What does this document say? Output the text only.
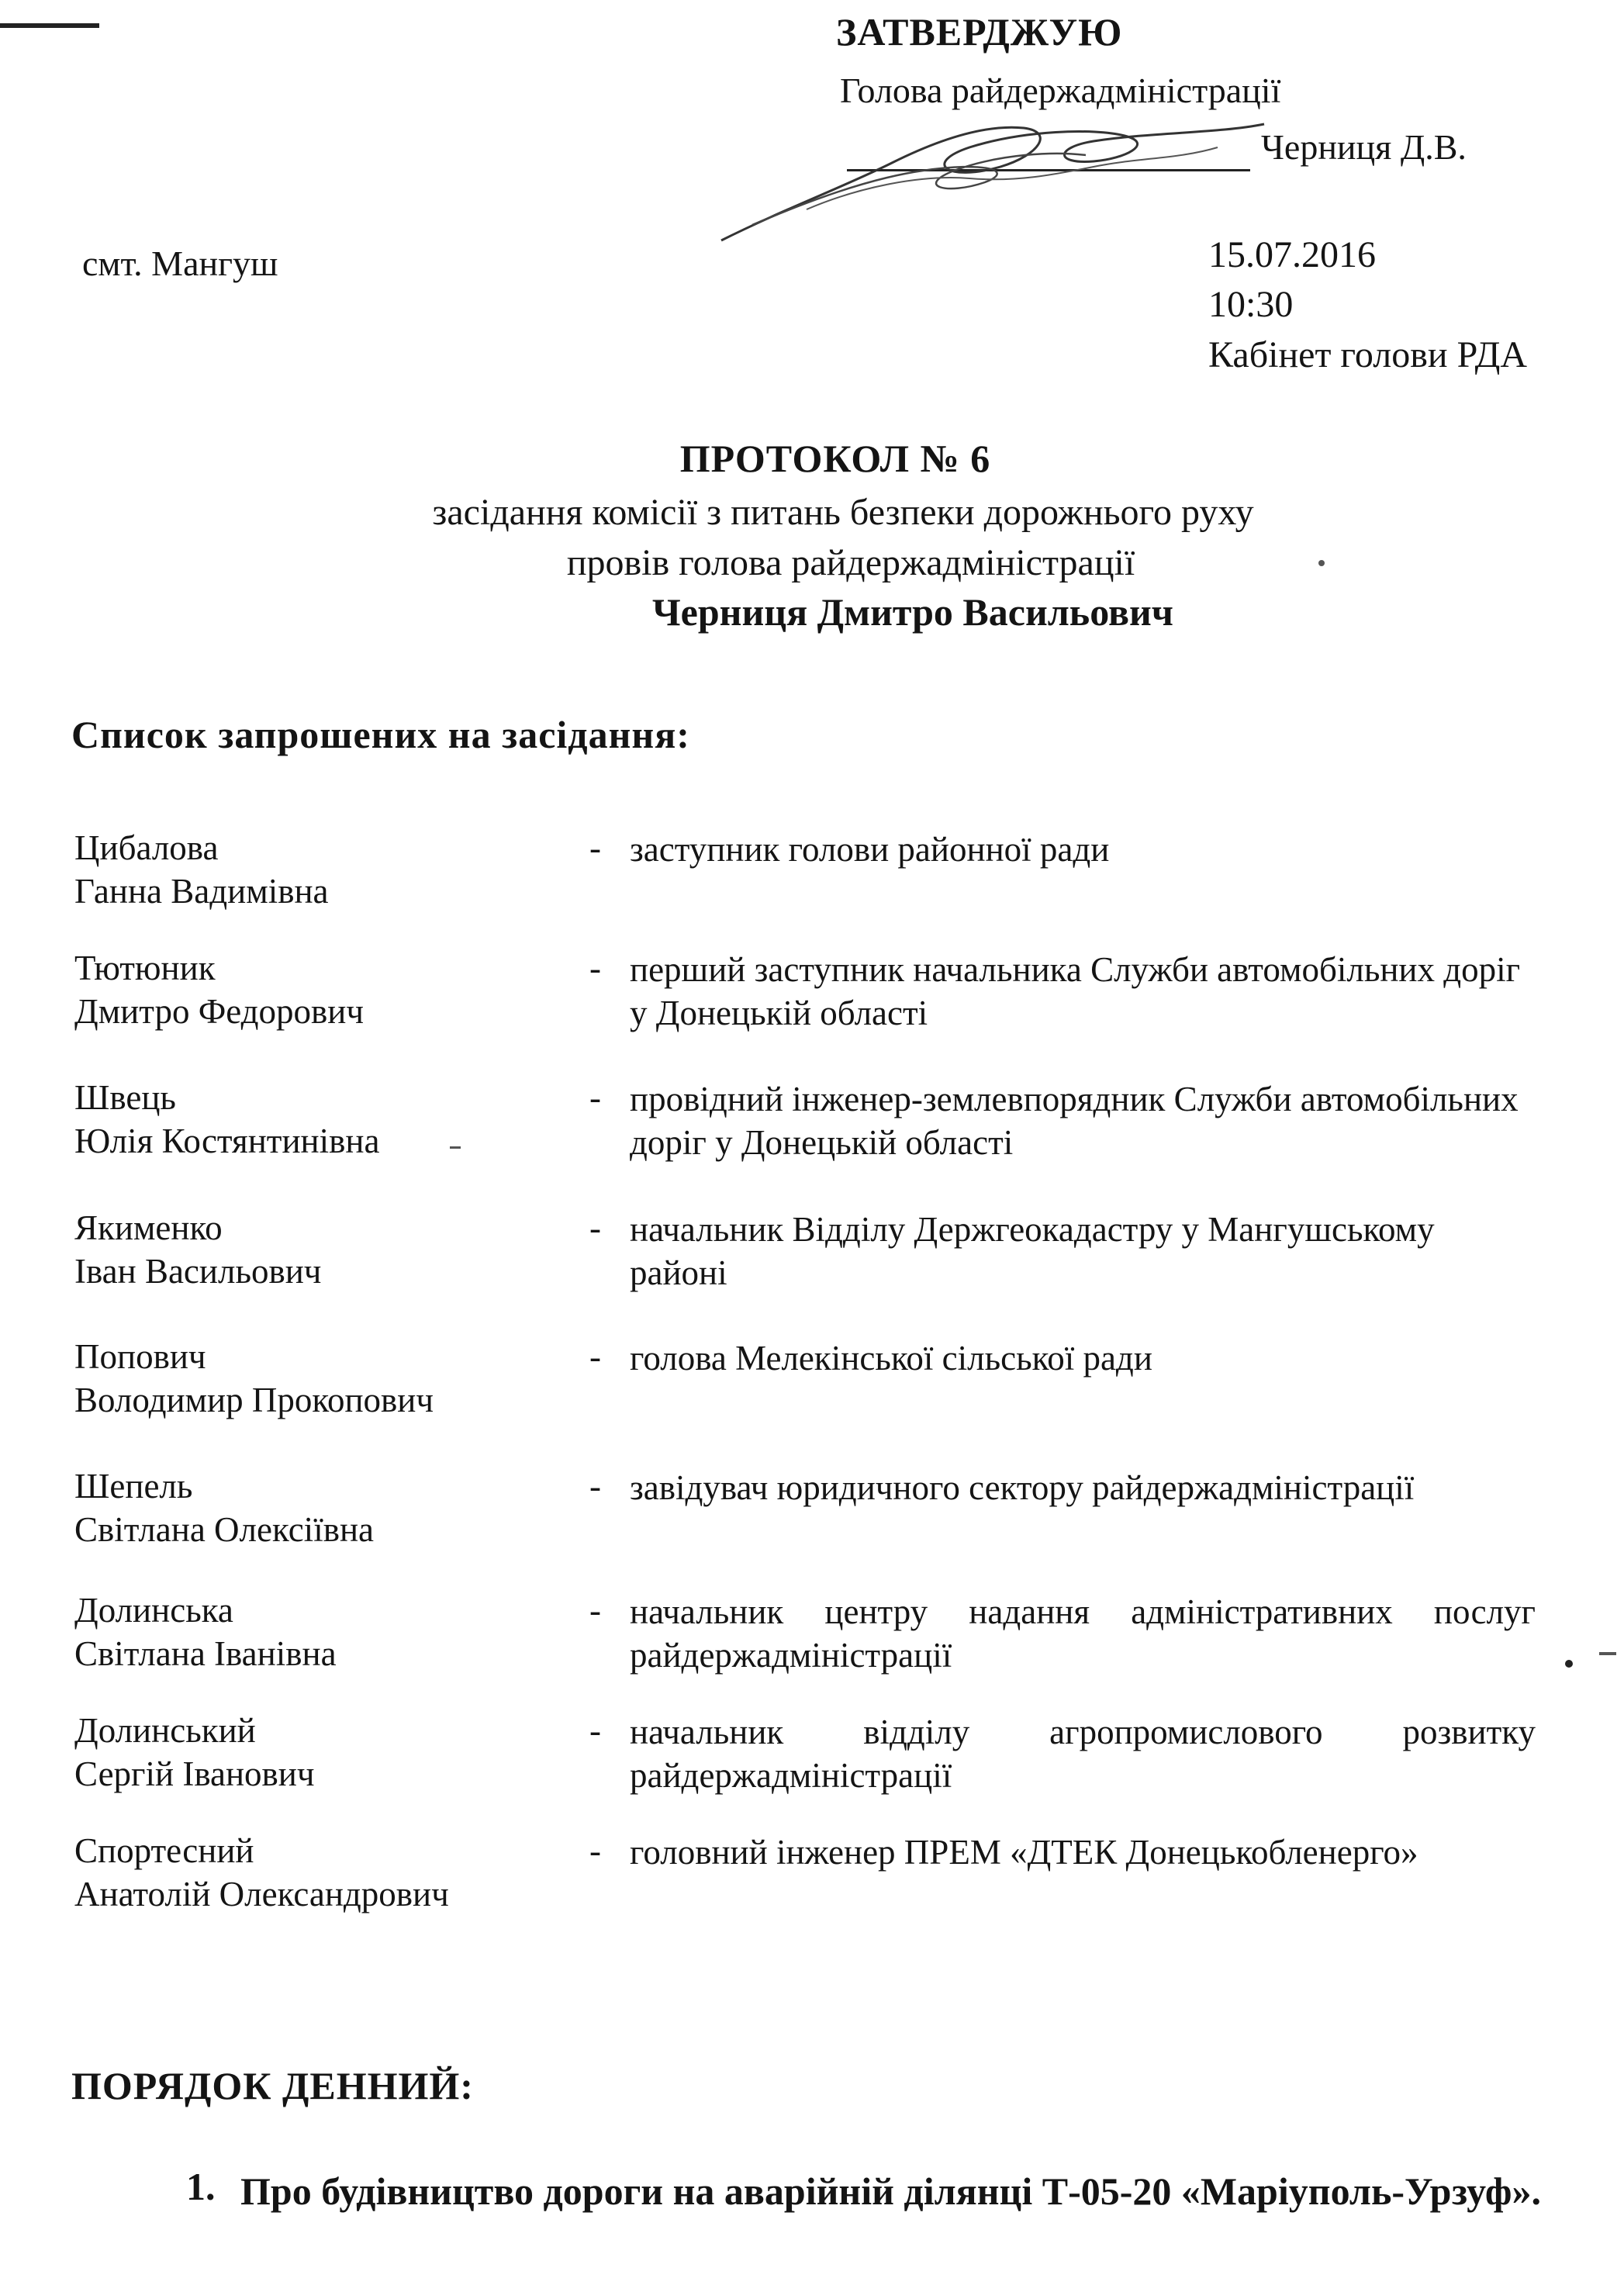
ЗАТВЕРДЖУЮ
Голова райдержадміністрації
Черниця Д.В.
смт. Мангуш	15.07.2016
10:30
Кабінет голови РДА
ПРОТОКОЛ № 6
засідання комісії з питань безпеки дорожнього руху
провів голова райдержадміністрації
Черниця Дмитро Васильович
Список запрошених на засідання:
Цибалова
Ганна Вадимівна
- заступник голови районної ради
Тютюник
Дмитро Федорович
- перший заступник начальника Служби автомобільних доріг у Донецькій області
Швець
Юлія Костянтинівна
- провідний інженер-землевпорядник Служби автомобільних доріг у Донецькій області
Якименко
Іван Васильович
- начальник Відділу Держгеокадастру у Мангушському районі
Попович
Володимир Прокопович
- голова Мелекінської сільської ради
Шепель
Світлана Олексіївна
- завідувач юридичного сектору райдержадміністрації
Долинська
Світлана Іванівна
- начальник центру надання адміністративних послуг райдержадміністрації
Долинський
Сергій Іванович
- начальник відділу агропромислового розвитку райдержадміністрації
Спортесний
Анатолій Олександрович
- головний інженер ПРЕМ «ДТЕК Донецькобленерго»
ПОРЯДОК ДЕННИЙ:
1. Про будівництво дороги на аварійній ділянці Т-05-20 «Маріуполь-Урзуф».
